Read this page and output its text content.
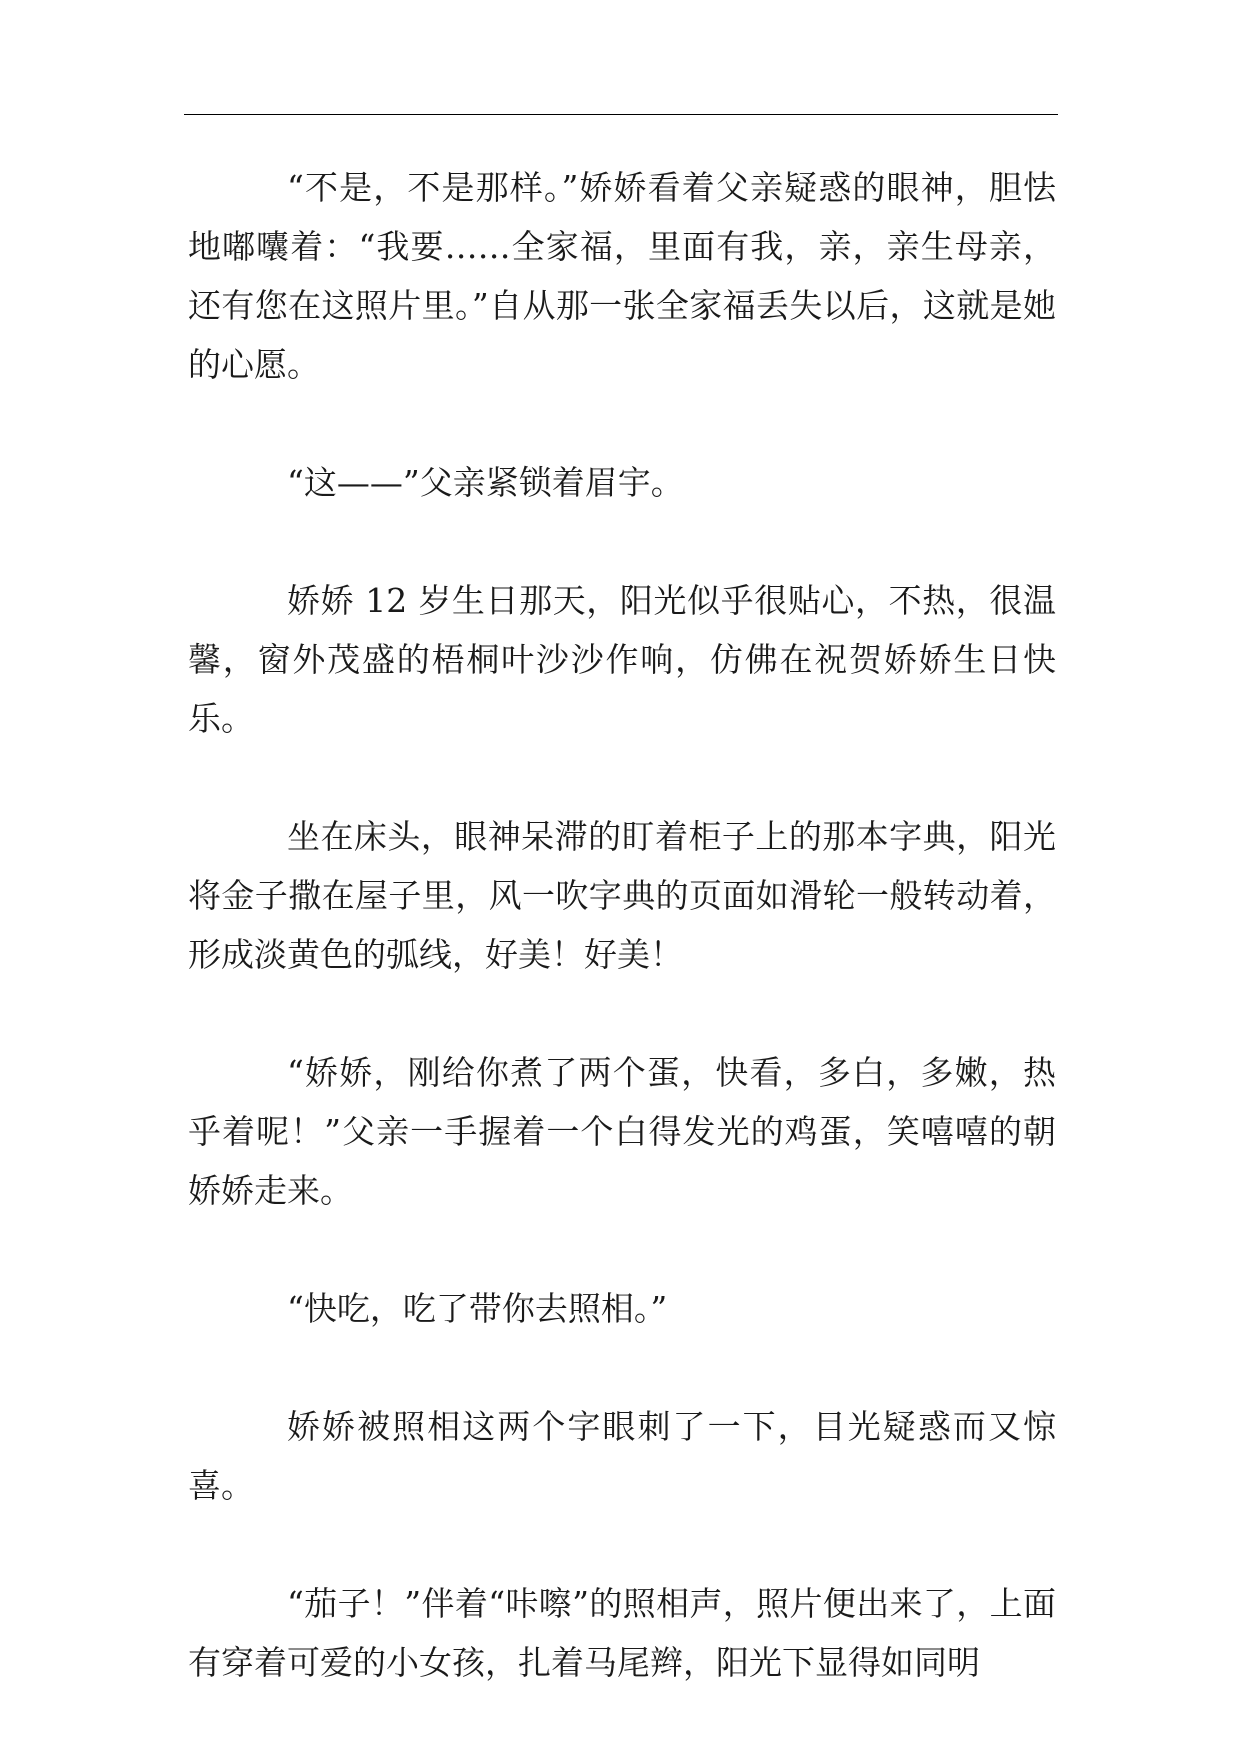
“不是，不是那样。”娇娇看着父亲疑惑的眼神，胆怯地嘟囔着：“我要……全家福，里面有我，亲，亲生母亲，还有您在这照片里。”自从那一张全家福丢失以后，这就是她的心愿。

“这——”父亲紧锁着眉宇。

娇娇 12 岁生日那天，阳光似乎很贴心，不热，很温馨，窗外茂盛的梧桐叶沙沙作响，仿佛在祝贺娇娇生日快乐。

坐在床头，眼神呆滞的盯着柜子上的那本字典，阳光将金子撒在屋子里，风一吹字典的页面如滑轮一般转动着，形成淡黄色的弧线，好美！好美！

“娇娇，刚给你煮了两个蛋，快看，多白，多嫩，热乎着呢！”父亲一手握着一个白得发光的鸡蛋，笑嘻嘻的朝娇娇走来。

“快吃，吃了带你去照相。”

娇娇被照相这两个字眼刺了一下，目光疑惑而又惊喜。

“茄子！”伴着“咔嚓”的照相声，照片便出来了，上面有穿着可爱的小女孩，扎着马尾辫，阳光下显得如同明
